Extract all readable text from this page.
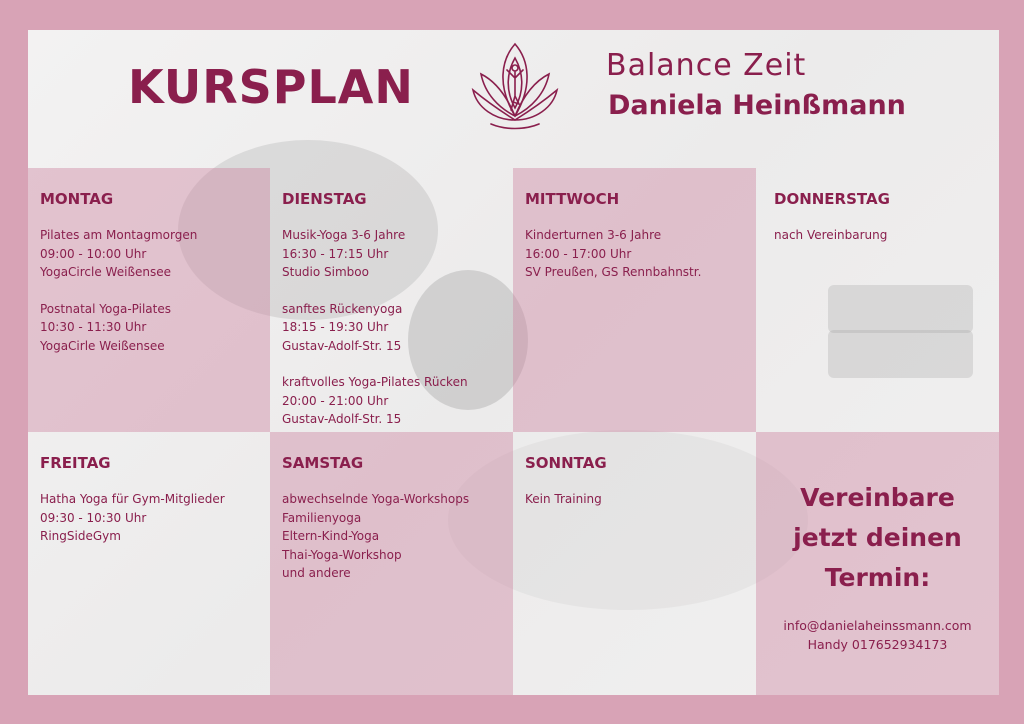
KURSPLAN	Balance Zeit
Daniela Heinßmann
MONTAG
Pilates am Montagmorgen
09:00 - 10:00 Uhr
YogaCircle Weißensee
Postnatal Yoga-Pilates
10:30 - 11:30 Uhr
YogaCirle Weißensee
DIENSTAG
Musik-Yoga 3-6 Jahre
16:30 - 17:15 Uhr
Studio Simboo
sanftes Rückenyoga
18:15 - 19:30 Uhr
Gustav-Adolf-Str. 15
kraftvolles Yoga-Pilates Rücken
20:00 - 21:00 Uhr
Gustav-Adolf-Str. 15
MITTWOCH
Kinderturnen 3-6 Jahre
16:00 - 17:00 Uhr
SV Preußen, GS Rennbahnstr.
DONNERSTAG
nach Vereinbarung
FREITAG
Hatha Yoga für Gym-Mitglieder
09:30 - 10:30 Uhr
RingSideGym
SAMSTAG
abwechselnde Yoga-Workshops
Familienyoga
Eltern-Kind-Yoga
Thai-Yoga-Workshop
und andere
SONNTAG
Kein Training	Vereinbare
jetzt deinen
Termin:
info@danielaheinssmann.com
Handy 017652934173
